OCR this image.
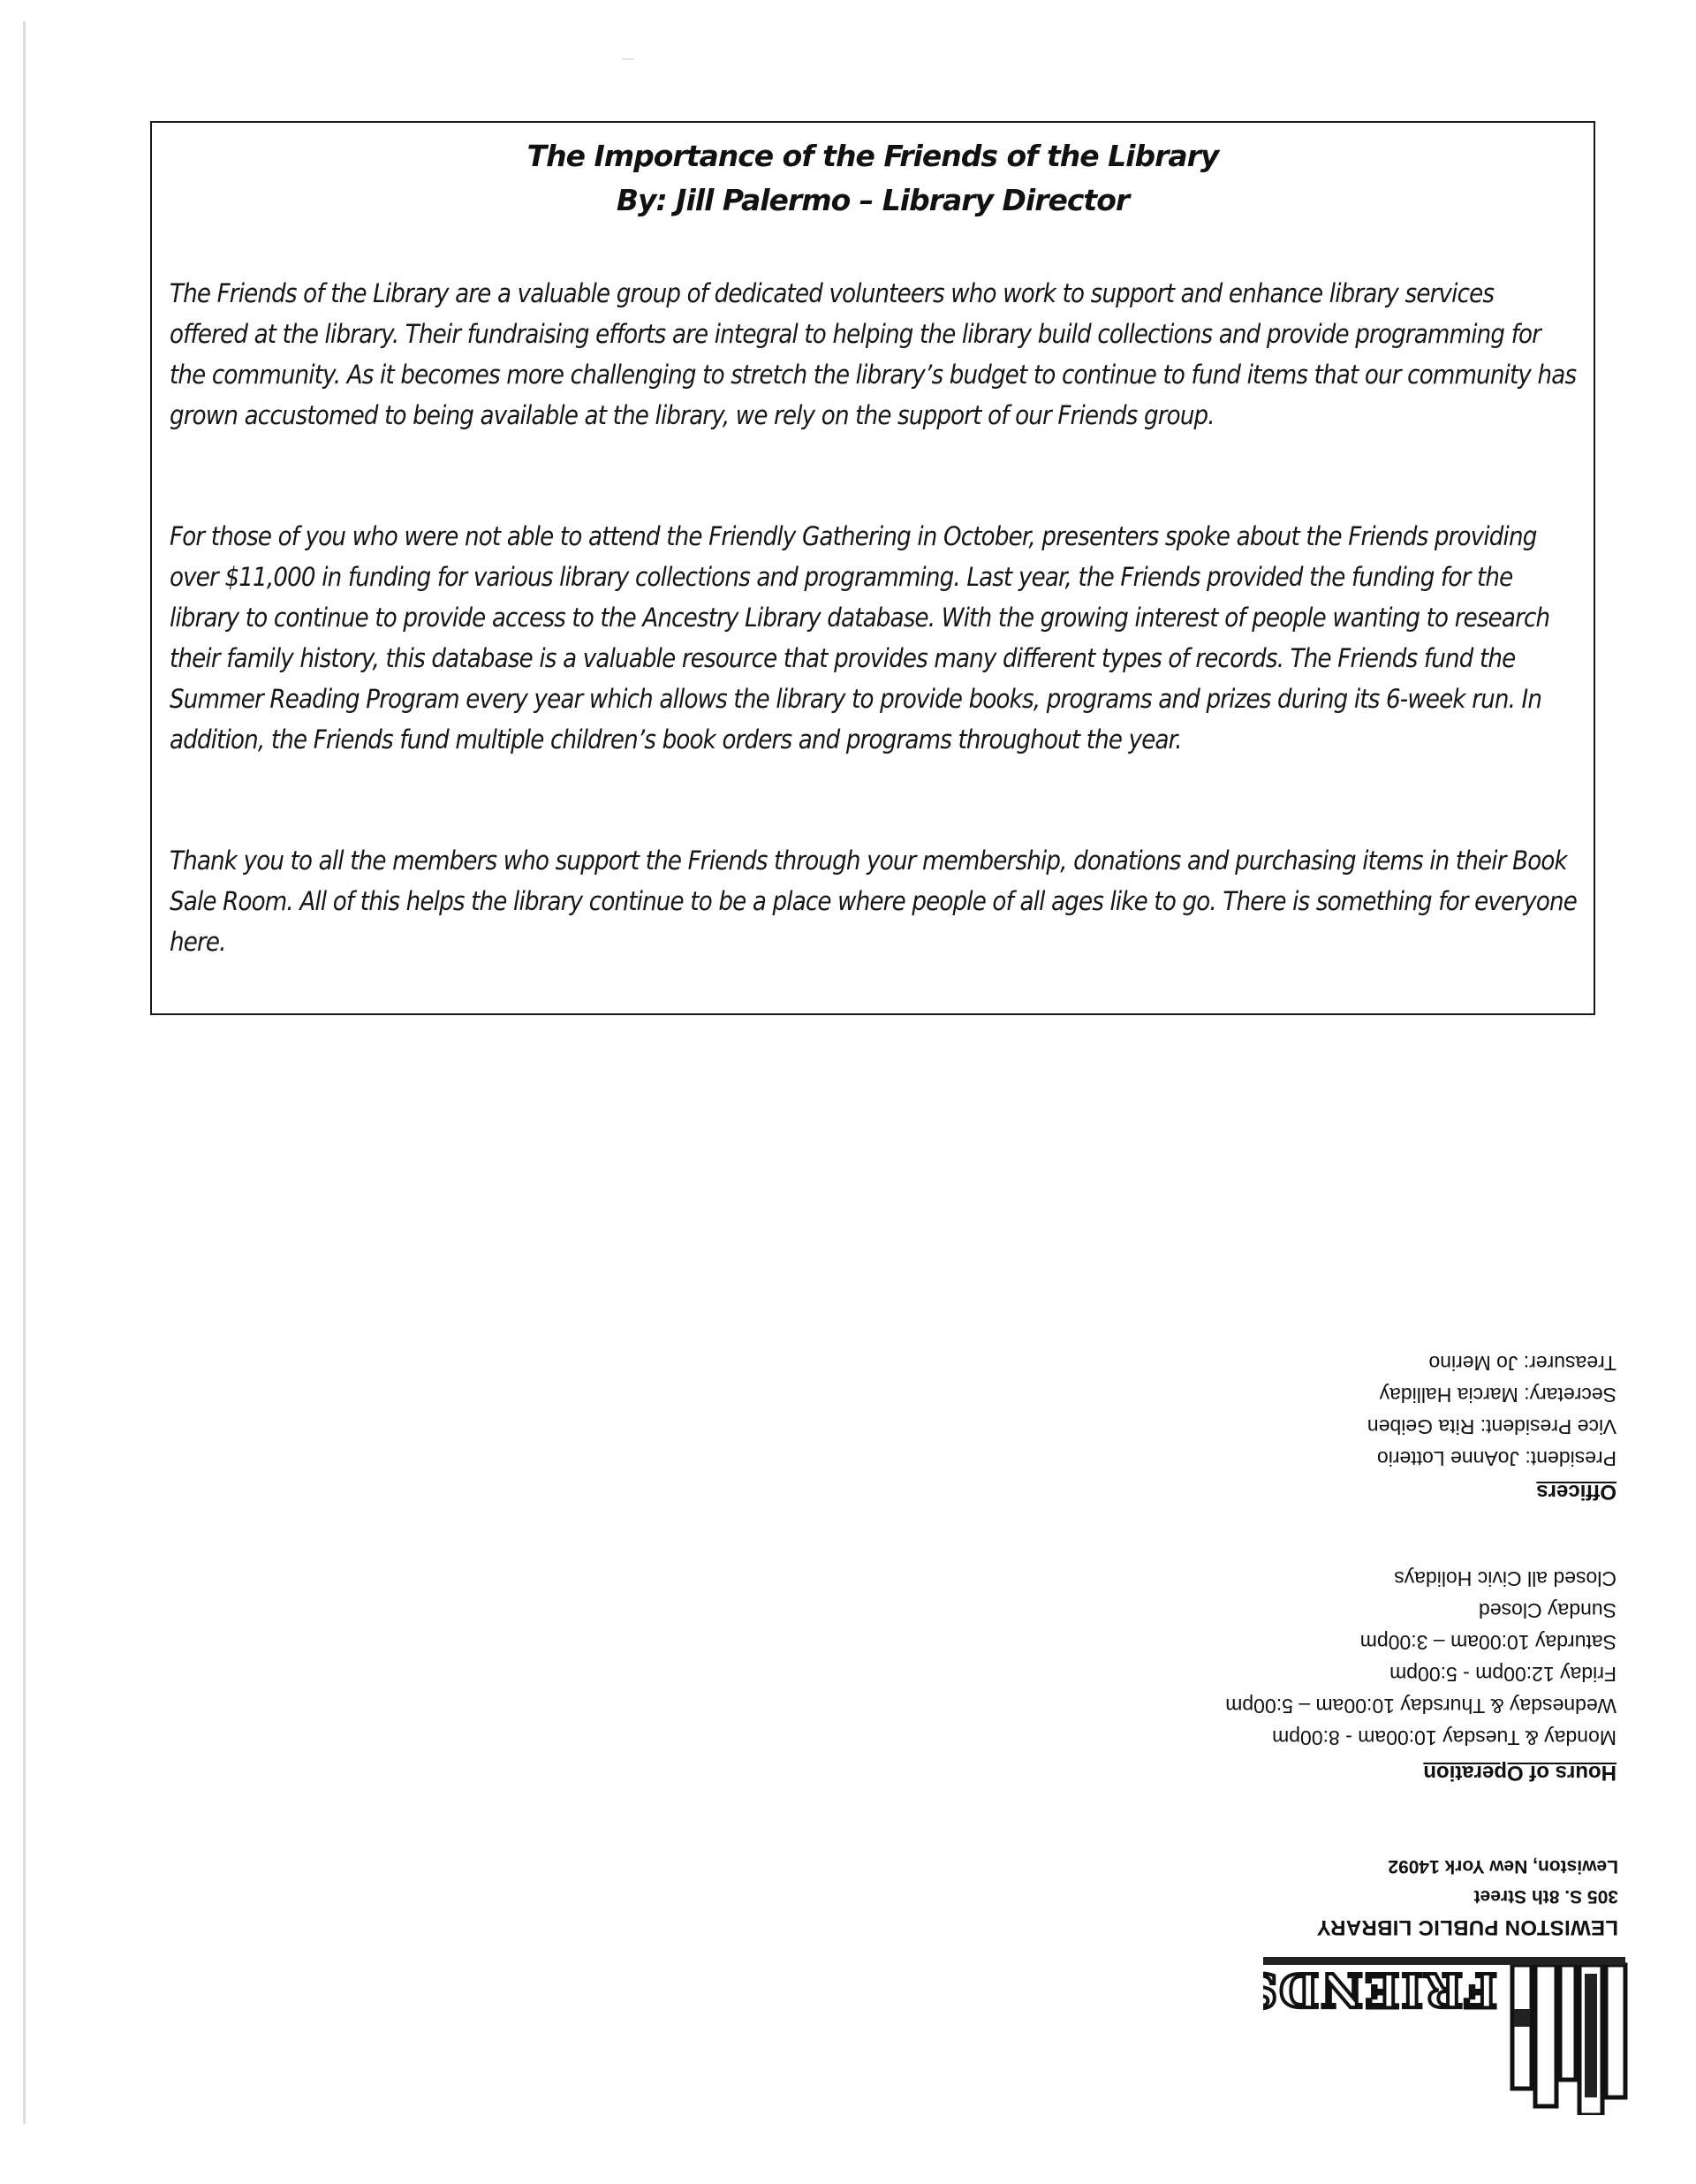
The Importance of the Friends of the Library
By: Jill Palermo – Library Director

The Friends of the Library are a valuable group of dedicated volunteers who work to support and enhance library services offered at the library. Their fundraising efforts are integral to helping the library build collections and provide programming for the community. As it becomes more challenging to stretch the library’s budget to continue to fund items that our community has grown accustomed to being available at the library, we rely on the support of our Friends group.

For those of you who were not able to attend the Friendly Gathering in October, presenters spoke about the Friends providing over $11,000 in funding for various library collections and programming. Last year, the Friends provided the funding for the library to continue to provide access to the Ancestry Library database. With the growing interest of people wanting to research their family history, this database is a valuable resource that provides many different types of records. The Friends fund the Summer Reading Program every year which allows the library to provide books, programs and prizes during its 6-week run. In addition, the Friends fund multiple children’s book orders and programs throughout the year.

Thank you to all the members who support the Friends through your membership, donations and purchasing items in their Book Sale Room. All of this helps the library continue to be a place where people of all ages like to go. There is something for everyone here.

FRIENDS
LEWISTON PUBLIC LIBRARY
305 S. 8th Street
Lewiston, New York 14092
Hours of Operation
Monday & Tuesday 10:00am - 8:00pm
Wednesday & Thursday 10:00am – 5:00pm
Friday 12:00pm - 5:00pm
Saturday 10:00am – 3:00pm
Sunday Closed
Closed all Civic Holidays
Officers
President: JoAnne Lotterio
Vice President: Rita Geiben
Secretary: Marcia Halliday
Treasurer: Jo Merino
